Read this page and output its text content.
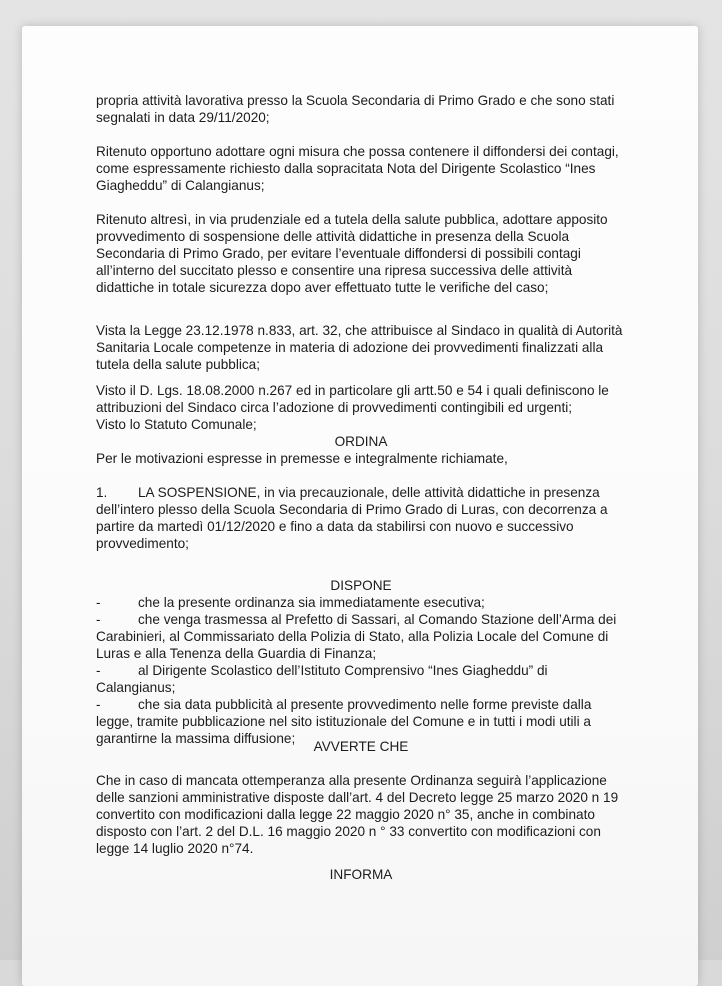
propria attività lavorativa presso la Scuola Secondaria di Primo Grado e che sono stati segnalati in data 29/11/2020;

Ritenuto opportuno adottare ogni misura che possa contenere il diffondersi dei contagi, come espressamente richiesto dalla sopracitata Nota del Dirigente Scolastico “Ines Giagheddu” di Calangianus;

Ritenuto altresì, in via prudenziale ed a tutela della salute pubblica, adottare apposito provvedimento di sospensione delle attività didattiche in presenza della Scuola Secondaria di Primo Grado, per evitare l’eventuale diffondersi di possibili contagi all’interno del succitato plesso e consentire una ripresa successiva delle attività didattiche in totale sicurezza dopo aver effettuato tutte le verifiche del caso;

Vista la Legge 23.12.1978 n.833, art. 32, che attribuisce al Sindaco in qualità di Autorità Sanitaria Locale competenze in materia di adozione dei provvedimenti finalizzati alla tutela della salute pubblica;

Visto il D. Lgs. 18.08.2000 n.267 ed in particolare gli artt.50 e 54 i quali definiscono le attribuzioni del Sindaco circa l’adozione di provvedimenti contingibili ed urgenti;

Visto lo Statuto Comunale;

ORDINA

Per le motivazioni espresse in premesse e integralmente richiamate,

1. LA SOSPENSIONE, in via precauzionale, delle attività didattiche in presenza dell’intero plesso della Scuola Secondaria di Primo Grado di Luras, con decorrenza a partire da martedì 01/12/2020 e fino a data da stabilirsi con nuovo e successivo provvedimento;

DISPONE

-	che la presente ordinanza sia immediatamente esecutiva;

-	che venga trasmessa al Prefetto di Sassari, al Comando Stazione dell’Arma dei Carabinieri, al Commissariato della Polizia di Stato, alla Polizia Locale del Comune di Luras e alla Tenenza della Guardia di Finanza;

-	al Dirigente Scolastico dell’Istituto Comprensivo “Ines Giagheddu” di Calangianus;

-	che sia data pubblicità al presente provvedimento nelle forme previste dalla legge, tramite pubblicazione nel sito istituzionale del Comune e in tutti i modi utili a garantirne la massima diffusione;

AVVERTE CHE

Che in caso di mancata ottemperanza alla presente Ordinanza seguirà l’applicazione delle sanzioni amministrative disposte dall’art. 4 del Decreto legge 25 marzo 2020 n 19 convertito con modificazioni dalla legge 22 maggio 2020 n° 35, anche in combinato disposto con l’art. 2 del D.L. 16 maggio 2020 n ° 33 convertito con modificazioni con legge 14 luglio 2020 n°74.

INFORMA
